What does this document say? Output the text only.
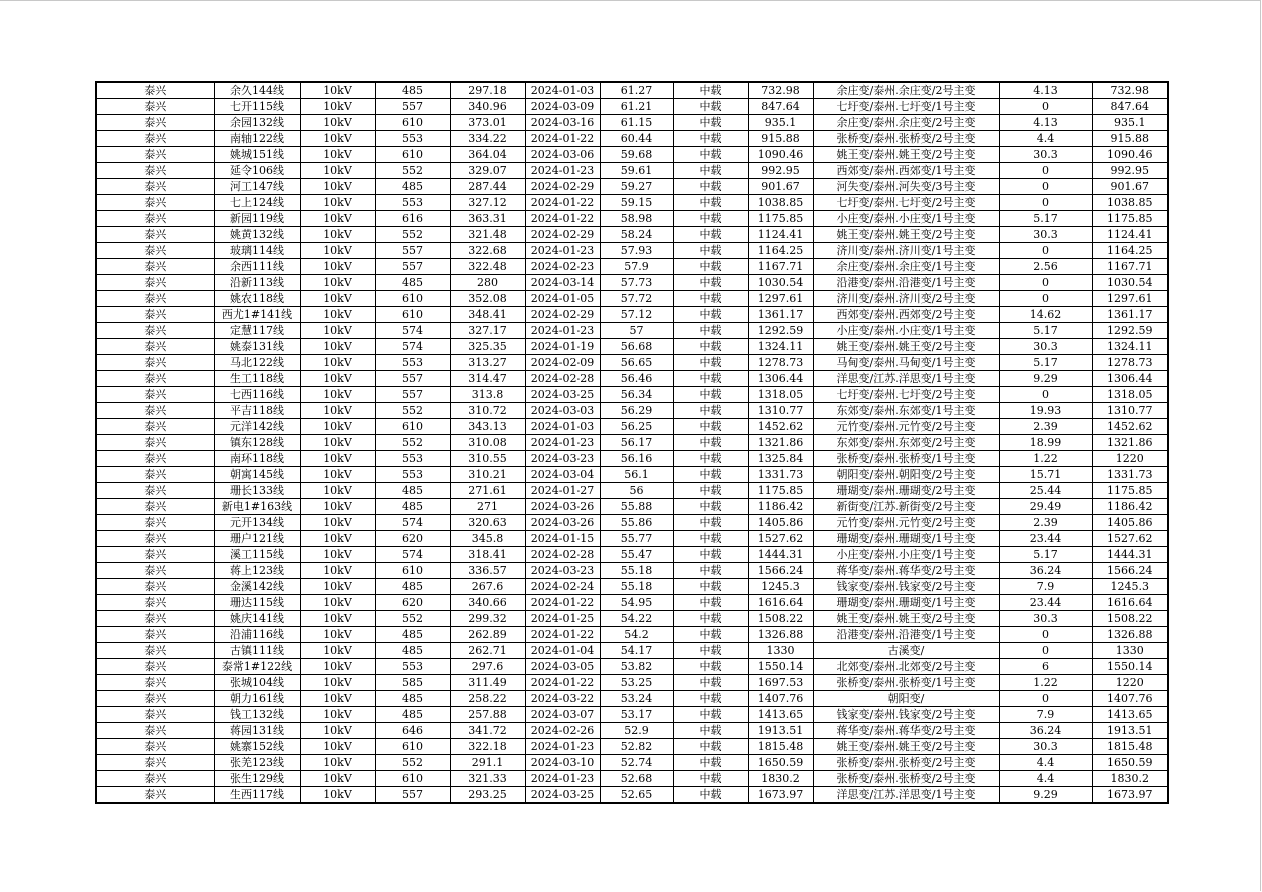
泰兴	余久144线	10kV	485	297.18	2024-01-03	61.27	中载	732.98	余庄变/泰州.余庄变/2号主变	4.13	732.98
泰兴	七开115线	10kV	557	340.96	2024-03-09	61.21	中载	847.64	七圩变/泰州.七圩变/1号主变	0	847.64
泰兴	余园132线	10kV	610	373.01	2024-03-16	61.15	中载	935.1	余庄变/泰州.余庄变/2号主变	4.13	935.1
泰兴	南轴122线	10kV	553	334.22	2024-01-22	60.44	中载	915.88	张桥变/泰州.张桥变/2号主变	4.4	915.88
泰兴	姚城151线	10kV	610	364.04	2024-03-06	59.68	中载	1090.46	姚王变/泰州.姚王变/2号主变	30.3	1090.46
泰兴	延令106线	10kV	552	329.07	2024-01-23	59.61	中载	992.95	西郊变/泰州.西郊变/1号主变	0	992.95
泰兴	河工147线	10kV	485	287.44	2024-02-29	59.27	中载	901.67	河失变/泰州.河失变/3号主变	0	901.67
泰兴	七上124线	10kV	553	327.12	2024-01-22	59.15	中载	1038.85	七圩变/泰州.七圩变/2号主变	0	1038.85
泰兴	新园119线	10kV	616	363.31	2024-01-22	58.98	中载	1175.85	小庄变/泰州.小庄变/1号主变	5.17	1175.85
泰兴	姚黄132线	10kV	552	321.48	2024-02-29	58.24	中载	1124.41	姚王变/泰州.姚王变/2号主变	30.3	1124.41
泰兴	玻璃114线	10kV	557	322.68	2024-01-23	57.93	中载	1164.25	济川变/泰州.济川变/1号主变	0	1164.25
泰兴	余西111线	10kV	557	322.48	2024-02-23	57.9	中载	1167.71	余庄变/泰州.余庄变/1号主变	2.56	1167.71
泰兴	沿新113线	10kV	485	280	2024-03-14	57.73	中载	1030.54	沿港变/泰州.沿港变/1号主变	0	1030.54
泰兴	姚农118线	10kV	610	352.08	2024-01-05	57.72	中载	1297.61	济川变/泰州.济川变/2号主变	0	1297.61
泰兴	西尤1#141线	10kV	610	348.41	2024-02-29	57.12	中载	1361.17	西郊变/泰州.西郊变/2号主变	14.62	1361.17
泰兴	定慧117线	10kV	574	327.17	2024-01-23	57	中载	1292.59	小庄变/泰州.小庄变/1号主变	5.17	1292.59
泰兴	姚泰131线	10kV	574	325.35	2024-01-19	56.68	中载	1324.11	姚王变/泰州.姚王变/2号主变	30.3	1324.11
泰兴	马北122线	10kV	553	313.27	2024-02-09	56.65	中载	1278.73	马甸变/泰州.马甸变/1号主变	5.17	1278.73
泰兴	生工118线	10kV	557	314.47	2024-02-28	56.46	中载	1306.44	洋思变/江苏.洋思变/1号主变	9.29	1306.44
泰兴	七西116线	10kV	557	313.8	2024-03-25	56.34	中载	1318.05	七圩变/泰州.七圩变/2号主变	0	1318.05
泰兴	平吉118线	10kV	552	310.72	2024-03-03	56.29	中载	1310.77	东郊变/泰州.东郊变/1号主变	19.93	1310.77
泰兴	元洋142线	10kV	610	343.13	2024-01-03	56.25	中载	1452.62	元竹变/泰州.元竹变/2号主变	2.39	1452.62
泰兴	镇东128线	10kV	552	310.08	2024-01-23	56.17	中载	1321.86	东郊变/泰州.东郊变/2号主变	18.99	1321.86
泰兴	南环118线	10kV	553	310.55	2024-03-23	56.16	中载	1325.84	张桥变/泰州.张桥变/1号主变	1.22	1220
泰兴	朝寓145线	10kV	553	310.21	2024-03-04	56.1	中载	1331.73	朝阳变/泰州.朝阳变/2号主变	15.71	1331.73
泰兴	珊长133线	10kV	485	271.61	2024-01-27	56	中载	1175.85	珊瑚变/泰州.珊瑚变/2号主变	25.44	1175.85
泰兴	新电1#163线	10kV	485	271	2024-03-26	55.88	中载	1186.42	新街变/江苏.新街变/2号主变	29.49	1186.42
泰兴	元开134线	10kV	574	320.63	2024-03-26	55.86	中载	1405.86	元竹变/泰州.元竹变/2号主变	2.39	1405.86
泰兴	珊户121线	10kV	620	345.8	2024-01-15	55.77	中载	1527.62	珊瑚变/泰州.珊瑚变/1号主变	23.44	1527.62
泰兴	溪工115线	10kV	574	318.41	2024-02-28	55.47	中载	1444.31	小庄变/泰州.小庄变/1号主变	5.17	1444.31
泰兴	蒋上123线	10kV	610	336.57	2024-03-23	55.18	中载	1566.24	蒋华变/泰州.蒋华变/2号主变	36.24	1566.24
泰兴	金溪142线	10kV	485	267.6	2024-02-24	55.18	中载	1245.3	钱家变/泰州.钱家变/2号主变	7.9	1245.3
泰兴	珊达115线	10kV	620	340.66	2024-01-22	54.95	中载	1616.64	珊瑚变/泰州.珊瑚变/1号主变	23.44	1616.64
泰兴	姚庆141线	10kV	552	299.32	2024-01-25	54.22	中载	1508.22	姚王变/泰州.姚王变/2号主变	30.3	1508.22
泰兴	沿浦116线	10kV	485	262.89	2024-01-22	54.2	中载	1326.88	沿港变/泰州.沿港变/1号主变	0	1326.88
泰兴	古镇111线	10kV	485	262.71	2024-01-04	54.17	中载	1330	古溪变/	0	1330
泰兴	泰常1#122线	10kV	553	297.6	2024-03-05	53.82	中载	1550.14	北郊变/泰州.北郊变/2号主变	6	1550.14
泰兴	张城104线	10kV	585	311.49	2024-01-22	53.25	中载	1697.53	张桥变/泰州.张桥变/1号主变	1.22	1220
泰兴	朝力161线	10kV	485	258.22	2024-03-22	53.24	中载	1407.76	朝阳变/	0	1407.76
泰兴	钱工132线	10kV	485	257.88	2024-03-07	53.17	中载	1413.65	钱家变/泰州.钱家变/2号主变	7.9	1413.65
泰兴	蒋园131线	10kV	646	341.72	2024-02-26	52.9	中载	1913.51	蒋华变/泰州.蒋华变/2号主变	36.24	1913.51
泰兴	姚寨152线	10kV	610	322.18	2024-01-23	52.82	中载	1815.48	姚王变/泰州.姚王变/2号主变	30.3	1815.48
泰兴	张羌123线	10kV	552	291.1	2024-03-10	52.74	中载	1650.59	张桥变/泰州.张桥变/2号主变	4.4	1650.59
泰兴	张生129线	10kV	610	321.33	2024-01-23	52.68	中载	1830.2	张桥变/泰州.张桥变/2号主变	4.4	1830.2
泰兴	生西117线	10kV	557	293.25	2024-03-25	52.65	中载	1673.97	洋思变/江苏.洋思变/1号主变	9.29	1673.97
